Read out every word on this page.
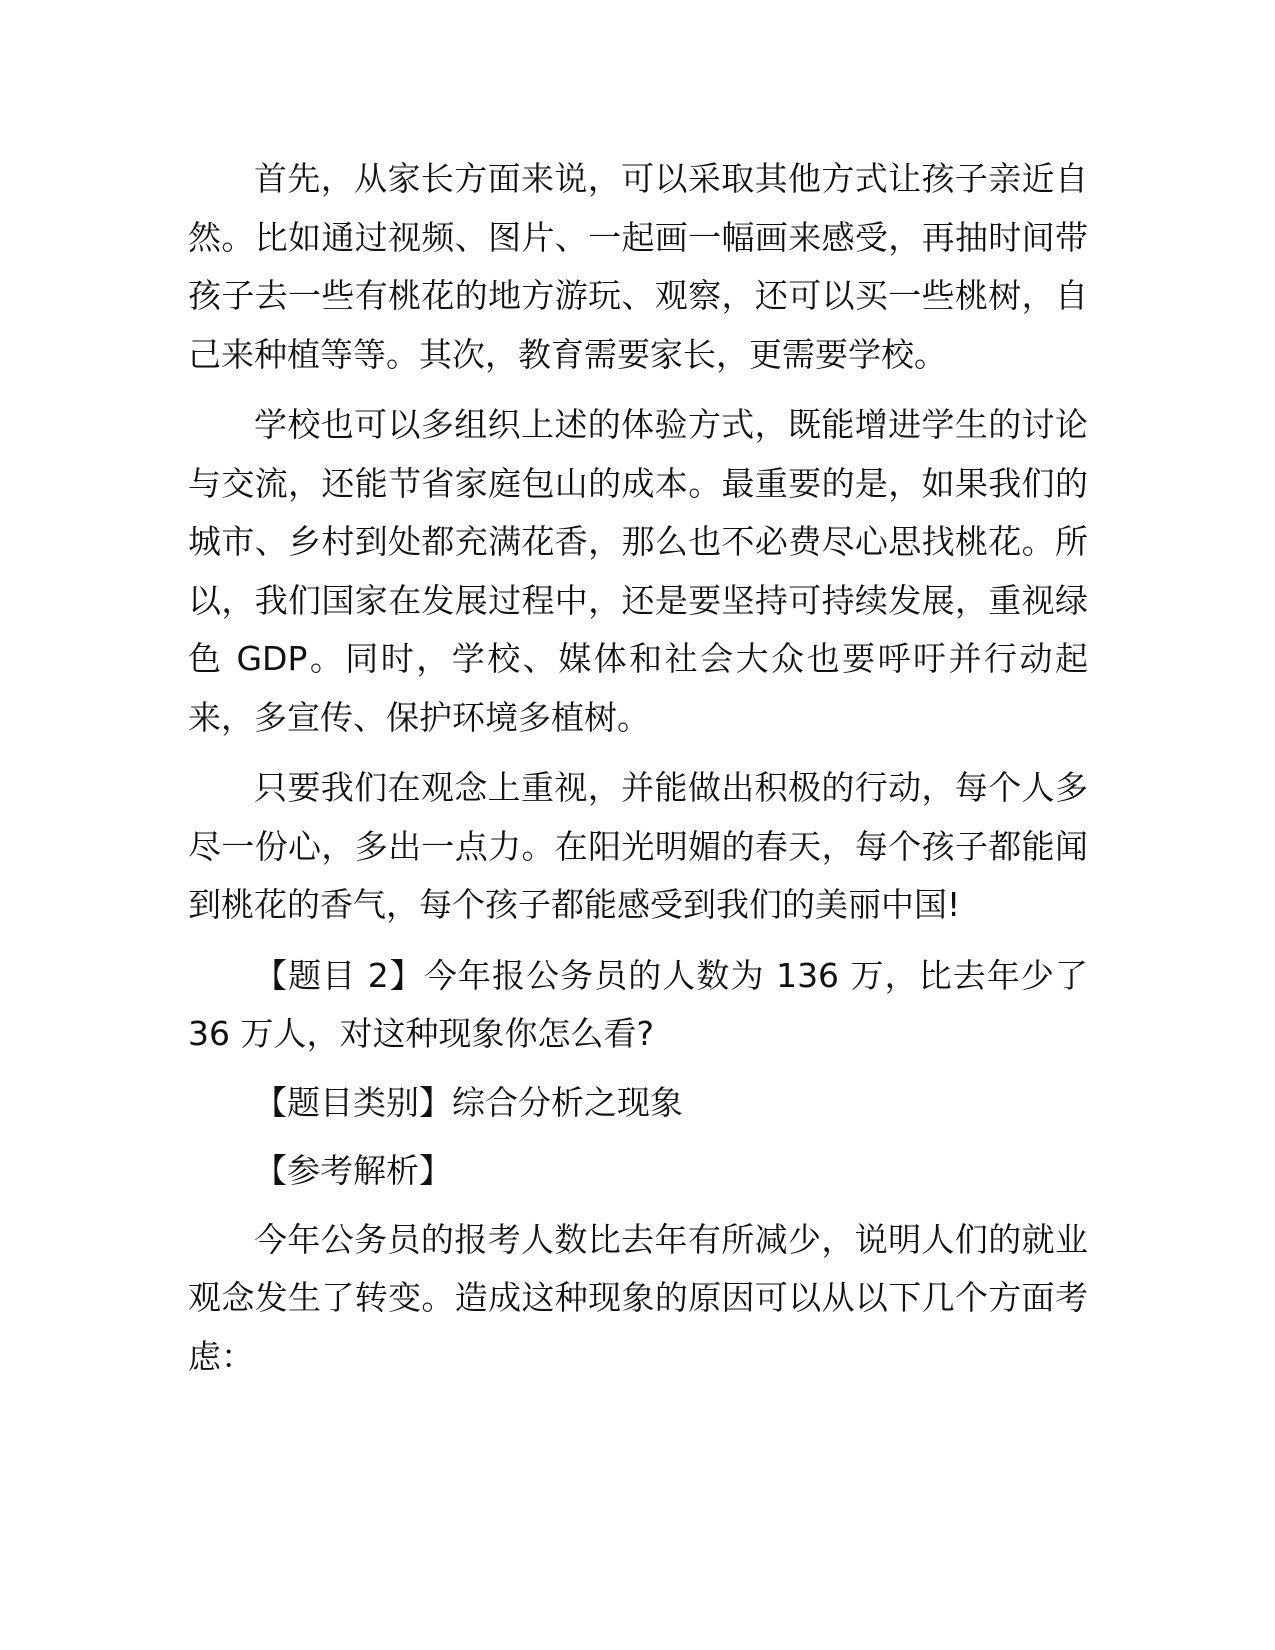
首先，从家长方面来说，可以采取其他方式让孩子亲近自然。比如通过视频、图片、一起画一幅画来感受，再抽时间带孩子去一些有桃花的地方游玩、观察，还可以买一些桃树，自己来种植等等。其次，教育需要家长，更需要学校。

学校也可以多组织上述的体验方式，既能增进学生的讨论与交流，还能节省家庭包山的成本。最重要的是，如果我们的城市、乡村到处都充满花香，那么也不必费尽心思找桃花。所以，我们国家在发展过程中，还是要坚持可持续发展，重视绿色 GDP。同时，学校、媒体和社会大众也要呼吁并行动起来，多宣传、保护环境多植树。

只要我们在观念上重视，并能做出积极的行动，每个人多尽一份心，多出一点力。在阳光明媚的春天，每个孩子都能闻到桃花的香气，每个孩子都能感受到我们的美丽中国!

【题目 2】今年报公务员的人数为 136 万，比去年少了 36 万人，对这种现象你怎么看?

【题目类别】综合分析之现象

【参考解析】

今年公务员的报考人数比去年有所减少，说明人们的就业观念发生了转变。造成这种现象的原因可以从以下几个方面考虑：
